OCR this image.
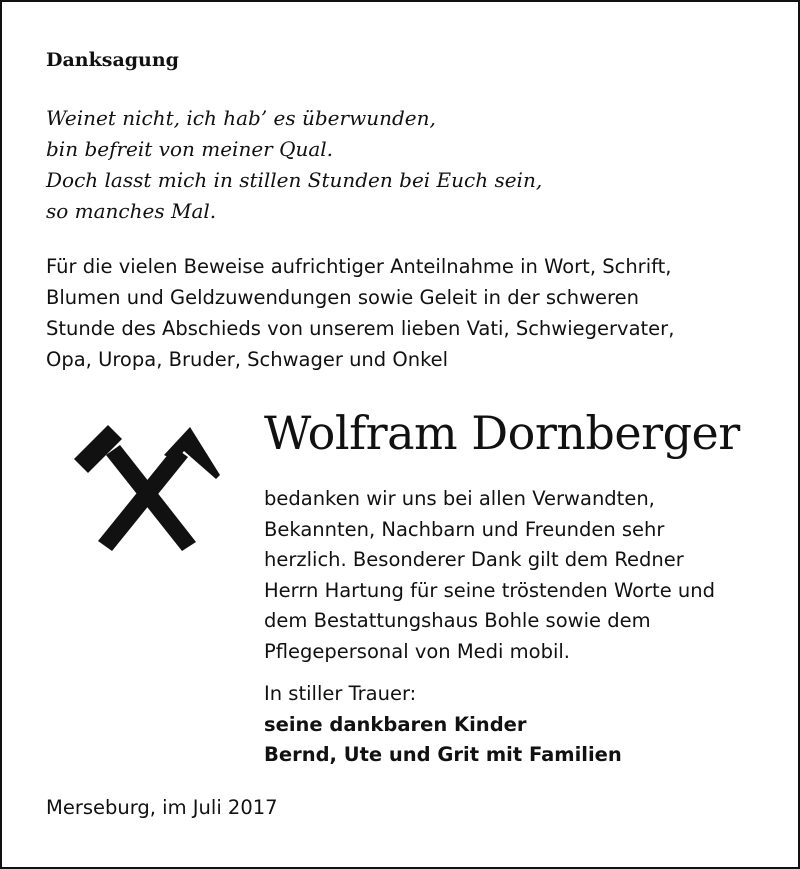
Danksagung
Weinet nicht, ich hab’ es überwunden,
bin befreit von meiner Qual.
Doch lasst mich in stillen Stunden bei Euch sein,
so manches Mal.
Für die vielen Beweise aufrichtiger Anteilnahme in Wort, Schrift,
Blumen und Geldzuwendungen sowie Geleit in der schweren
Stunde des Abschieds von unserem lieben Vati, Schwiegervater,
Opa, Uropa, Bruder, Schwager und Onkel
Wolfram Dornberger
bedanken wir uns bei allen Verwandten,
Bekannten, Nachbarn und Freunden sehr
herzlich. Besonderer Dank gilt dem Redner
Herrn Hartung für seine tröstenden Worte und
dem Bestattungshaus Bohle sowie dem
Pflegepersonal von Medi mobil.
In stiller Trauer:
seine dankbaren Kinder
Bernd, Ute und Grit mit Familien
Merseburg, im Juli 2017
